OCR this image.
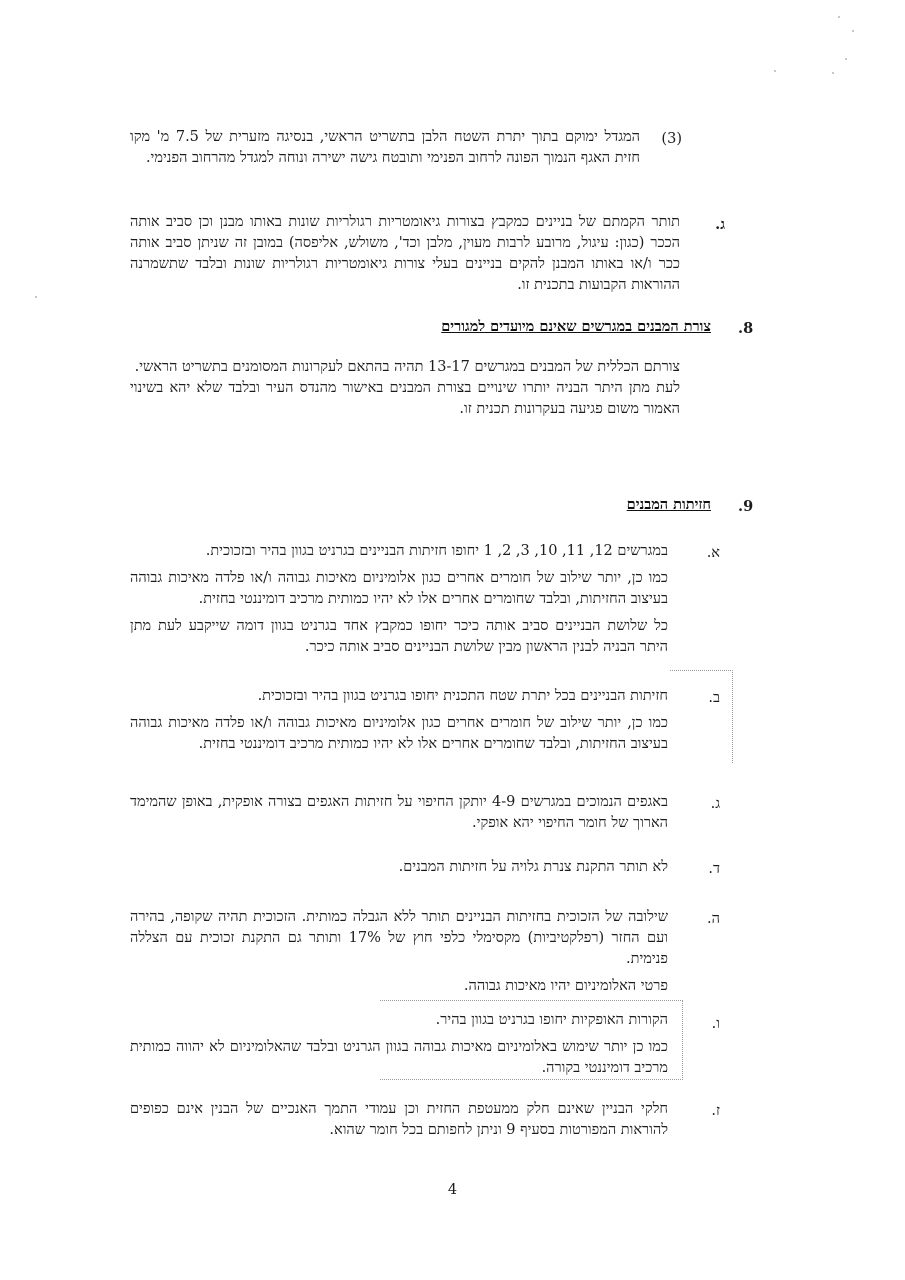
(3)
המגדל ימוקם בתוך יתרת השטח הלבן בתשריט הראשי, בנסיגה מזערית של 7.5 מ' מקו חזית האגף הנמוך הפונה לרחוב הפנימי ותובטח גישה ישירה ונוחה למגדל מהרחוב הפנימי.
ג.
תותר הקמתם של בניינים כמקבץ בצורות גיאומטריות רגולריות שונות באותו מבנן וכן סביב אותה הככר (כגון: עיגול, מרובע לרבות מעוין, מלבן וכד', משולש, אליפסה) במובן זה שניתן סביב אותה ככר ו/או באותו המבנן להקים בניינים בעלי צורות גיאומטריות רגולריות שונות ובלבד שתשמרנה ההוראות הקבועות בתכנית זו.
8.
צורת המבנים במגרשים שאינם מיועדים למגורים
צורתם הכללית של המבנים במגרשים 13-17 תהיה בהתאם לעקרונות המסומנים בתשריט הראשי.
לעת מתן היתר הבניה יותרו שינויים בצורת המבנים באישור מהנדס העיר ובלבד שלא יהא בשינוי האמור משום פגיעה בעקרונות תכנית זו.
9.
חזיתות המבנים
א.
במגרשים 12, 11, 10, 3, 2, 1 יחופו חזיתות הבניינים בגרניט בגוון בהיר ובזכוכית.
כמו כן, יותר שילוב של חומרים אחרים כגון אלומיניום מאיכות גבוהה ו/או פלדה מאיכות גבוהה בעיצוב החזיתות, ובלבד שחומרים אחרים אלו לא יהיו כמותית מרכיב דומיננטי בחזית.
כל שלושת הבניינים סביב אותה כיכר יחופו כמקבץ אחד בגרניט בגוון דומה שייקבע לעת מתן היתר הבניה לבנין הראשון מבין שלושת הבניינים סביב אותה כיכר.
ב.
חזיתות הבניינים בכל יתרת שטח התכנית יחופו בגרניט בגוון בהיר ובזכוכית.
כמו כן, יותר שילוב של חומרים אחרים כגון אלומיניום מאיכות גבוהה ו/או פלדה מאיכות גבוהה בעיצוב החזיתות, ובלבד שחומרים אחרים אלו לא יהיו כמותית מרכיב דומיננטי בחזית.
ג.
באגפים הנמוכים במגרשים 4-9 יותקן החיפוי על חזיתות האגפים בצורה אופקית, באופן שהמימד הארוך של חומר החיפוי יהא אופקי.
ד.
לא תותר התקנת צנרת גלויה על חזיתות המבנים.
ה.
שילובה של הזכוכית בחזיתות הבניינים תותר ללא הגבלה כמותית. הזכוכית תהיה שקופה, בהירה ועם החזר (רפלקטיביות) מקסימלי כלפי חוץ של 17% ותותר גם התקנת זכוכית עם הצללה פנימית.
פרטי האלומיניום יהיו מאיכות גבוהה.
ו.
הקורות האופקיות יחופו בגרניט בגוון בהיר.
כמו כן יותר שימוש באלומיניום מאיכות גבוהה בגוון הגרניט ובלבד שהאלומיניום לא יהווה כמותית מרכיב דומיננטי בקורה.
ז.
חלקי הבניין שאינם חלק ממעטפת החזית וכן עמודי התמך האנכיים של הבנין אינם כפופים להוראות המפורטות בסעיף 9 וניתן לחפותם בכל חומר שהוא.
4
